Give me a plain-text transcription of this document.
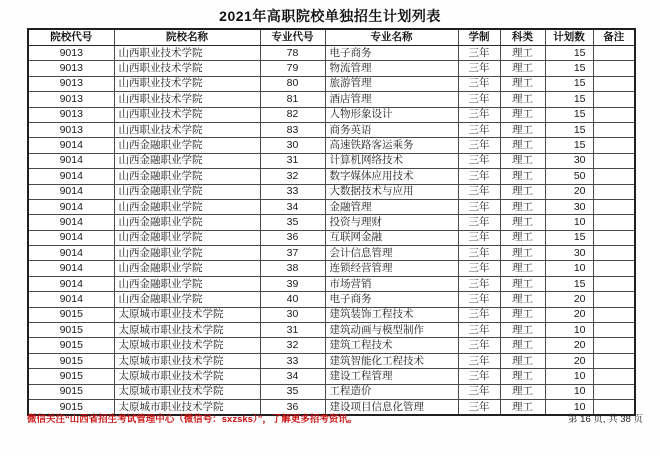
2021年高职院校单独招生计划列表
院校代号	院校名称	专业代号	专业名称	学制	科类	计划数	备注
9013	山西职业技术学院	78	电子商务	三年	理工	15	
9013	山西职业技术学院	79	物流管理	三年	理工	15	
9013	山西职业技术学院	80	旅游管理	三年	理工	15	
9013	山西职业技术学院	81	酒店管理	三年	理工	15	
9013	山西职业技术学院	82	人物形象设计	三年	理工	15	
9013	山西职业技术学院	83	商务英语	三年	理工	15	
9014	山西金融职业学院	30	高速铁路客运乘务	三年	理工	15	
9014	山西金融职业学院	31	计算机网络技术	三年	理工	30	
9014	山西金融职业学院	32	数字媒体应用技术	三年	理工	50	
9014	山西金融职业学院	33	大数据技术与应用	三年	理工	20	
9014	山西金融职业学院	34	金融管理	三年	理工	30	
9014	山西金融职业学院	35	投资与理财	三年	理工	10	
9014	山西金融职业学院	36	互联网金融	三年	理工	15	
9014	山西金融职业学院	37	会计信息管理	三年	理工	30	
9014	山西金融职业学院	38	连锁经营管理	三年	理工	10	
9014	山西金融职业学院	39	市场营销	三年	理工	15	
9014	山西金融职业学院	40	电子商务	三年	理工	20	
9015	太原城市职业技术学院	30	建筑装饰工程技术	三年	理工	20	
9015	太原城市职业技术学院	31	建筑动画与模型制作	三年	理工	10	
9015	太原城市职业技术学院	32	建筑工程技术	三年	理工	20	
9015	太原城市职业技术学院	33	建筑智能化工程技术	三年	理工	20	
9015	太原城市职业技术学院	34	建设工程管理	三年	理工	10	
9015	太原城市职业技术学院	35	工程造价	三年	理工	10	
9015	太原城市职业技术学院	36	建设项目信息化管理	三年	理工	10	
微信关注“山西省招生考试管理中心（微信号：sxzsks）”，了解更多招考资讯。	第 16 页, 共 38 页
